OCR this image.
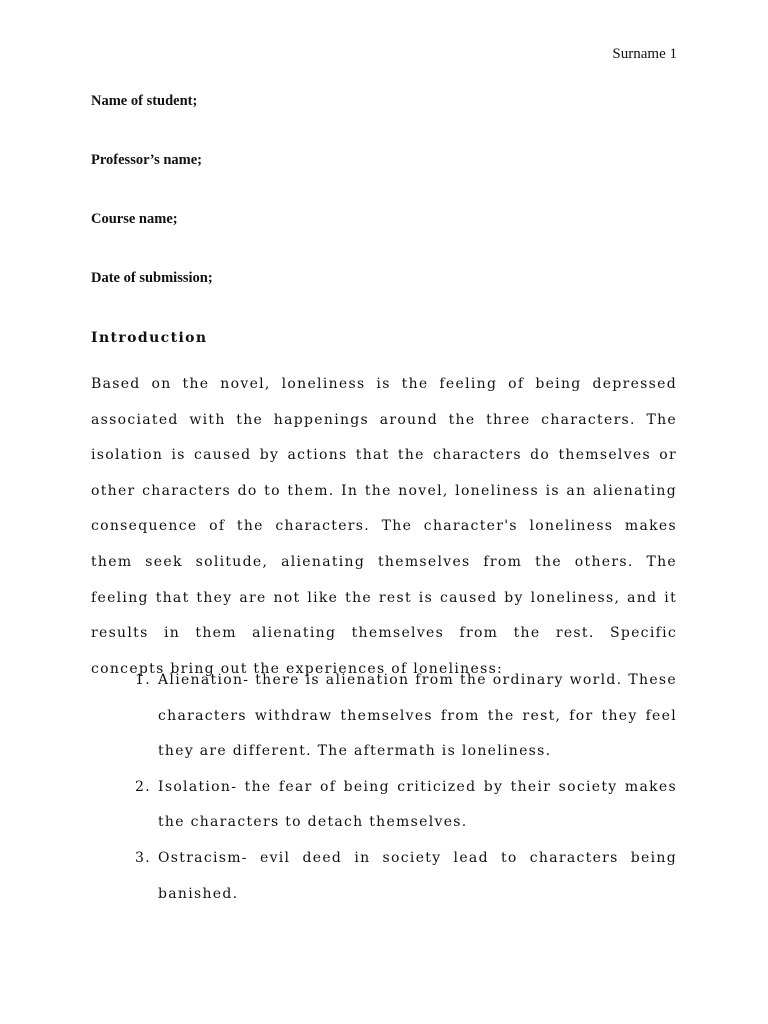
Surname 1
Name of student;
Professor’s name;
Course name;
Date of submission;
Introduction

Based on the novel, loneliness is the feeling of being depressed associated with the happenings around the three characters. The isolation is caused by actions that the characters do themselves or other characters do to them. In the novel, loneliness is an alienating consequence of the characters. The character's loneliness makes them seek solitude, alienating themselves from the others. The feeling that they are not like the rest is caused by loneliness, and it results in them alienating themselves from the rest. Specific concepts bring out the experiences of loneliness:

1. Alienation- there is alienation from the ordinary world. These characters withdraw themselves from the rest, for they feel they are different. The aftermath is loneliness.
2. Isolation- the fear of being criticized by their society makes the characters to detach themselves.
3. Ostracism- evil deed in society lead to characters being banished.
